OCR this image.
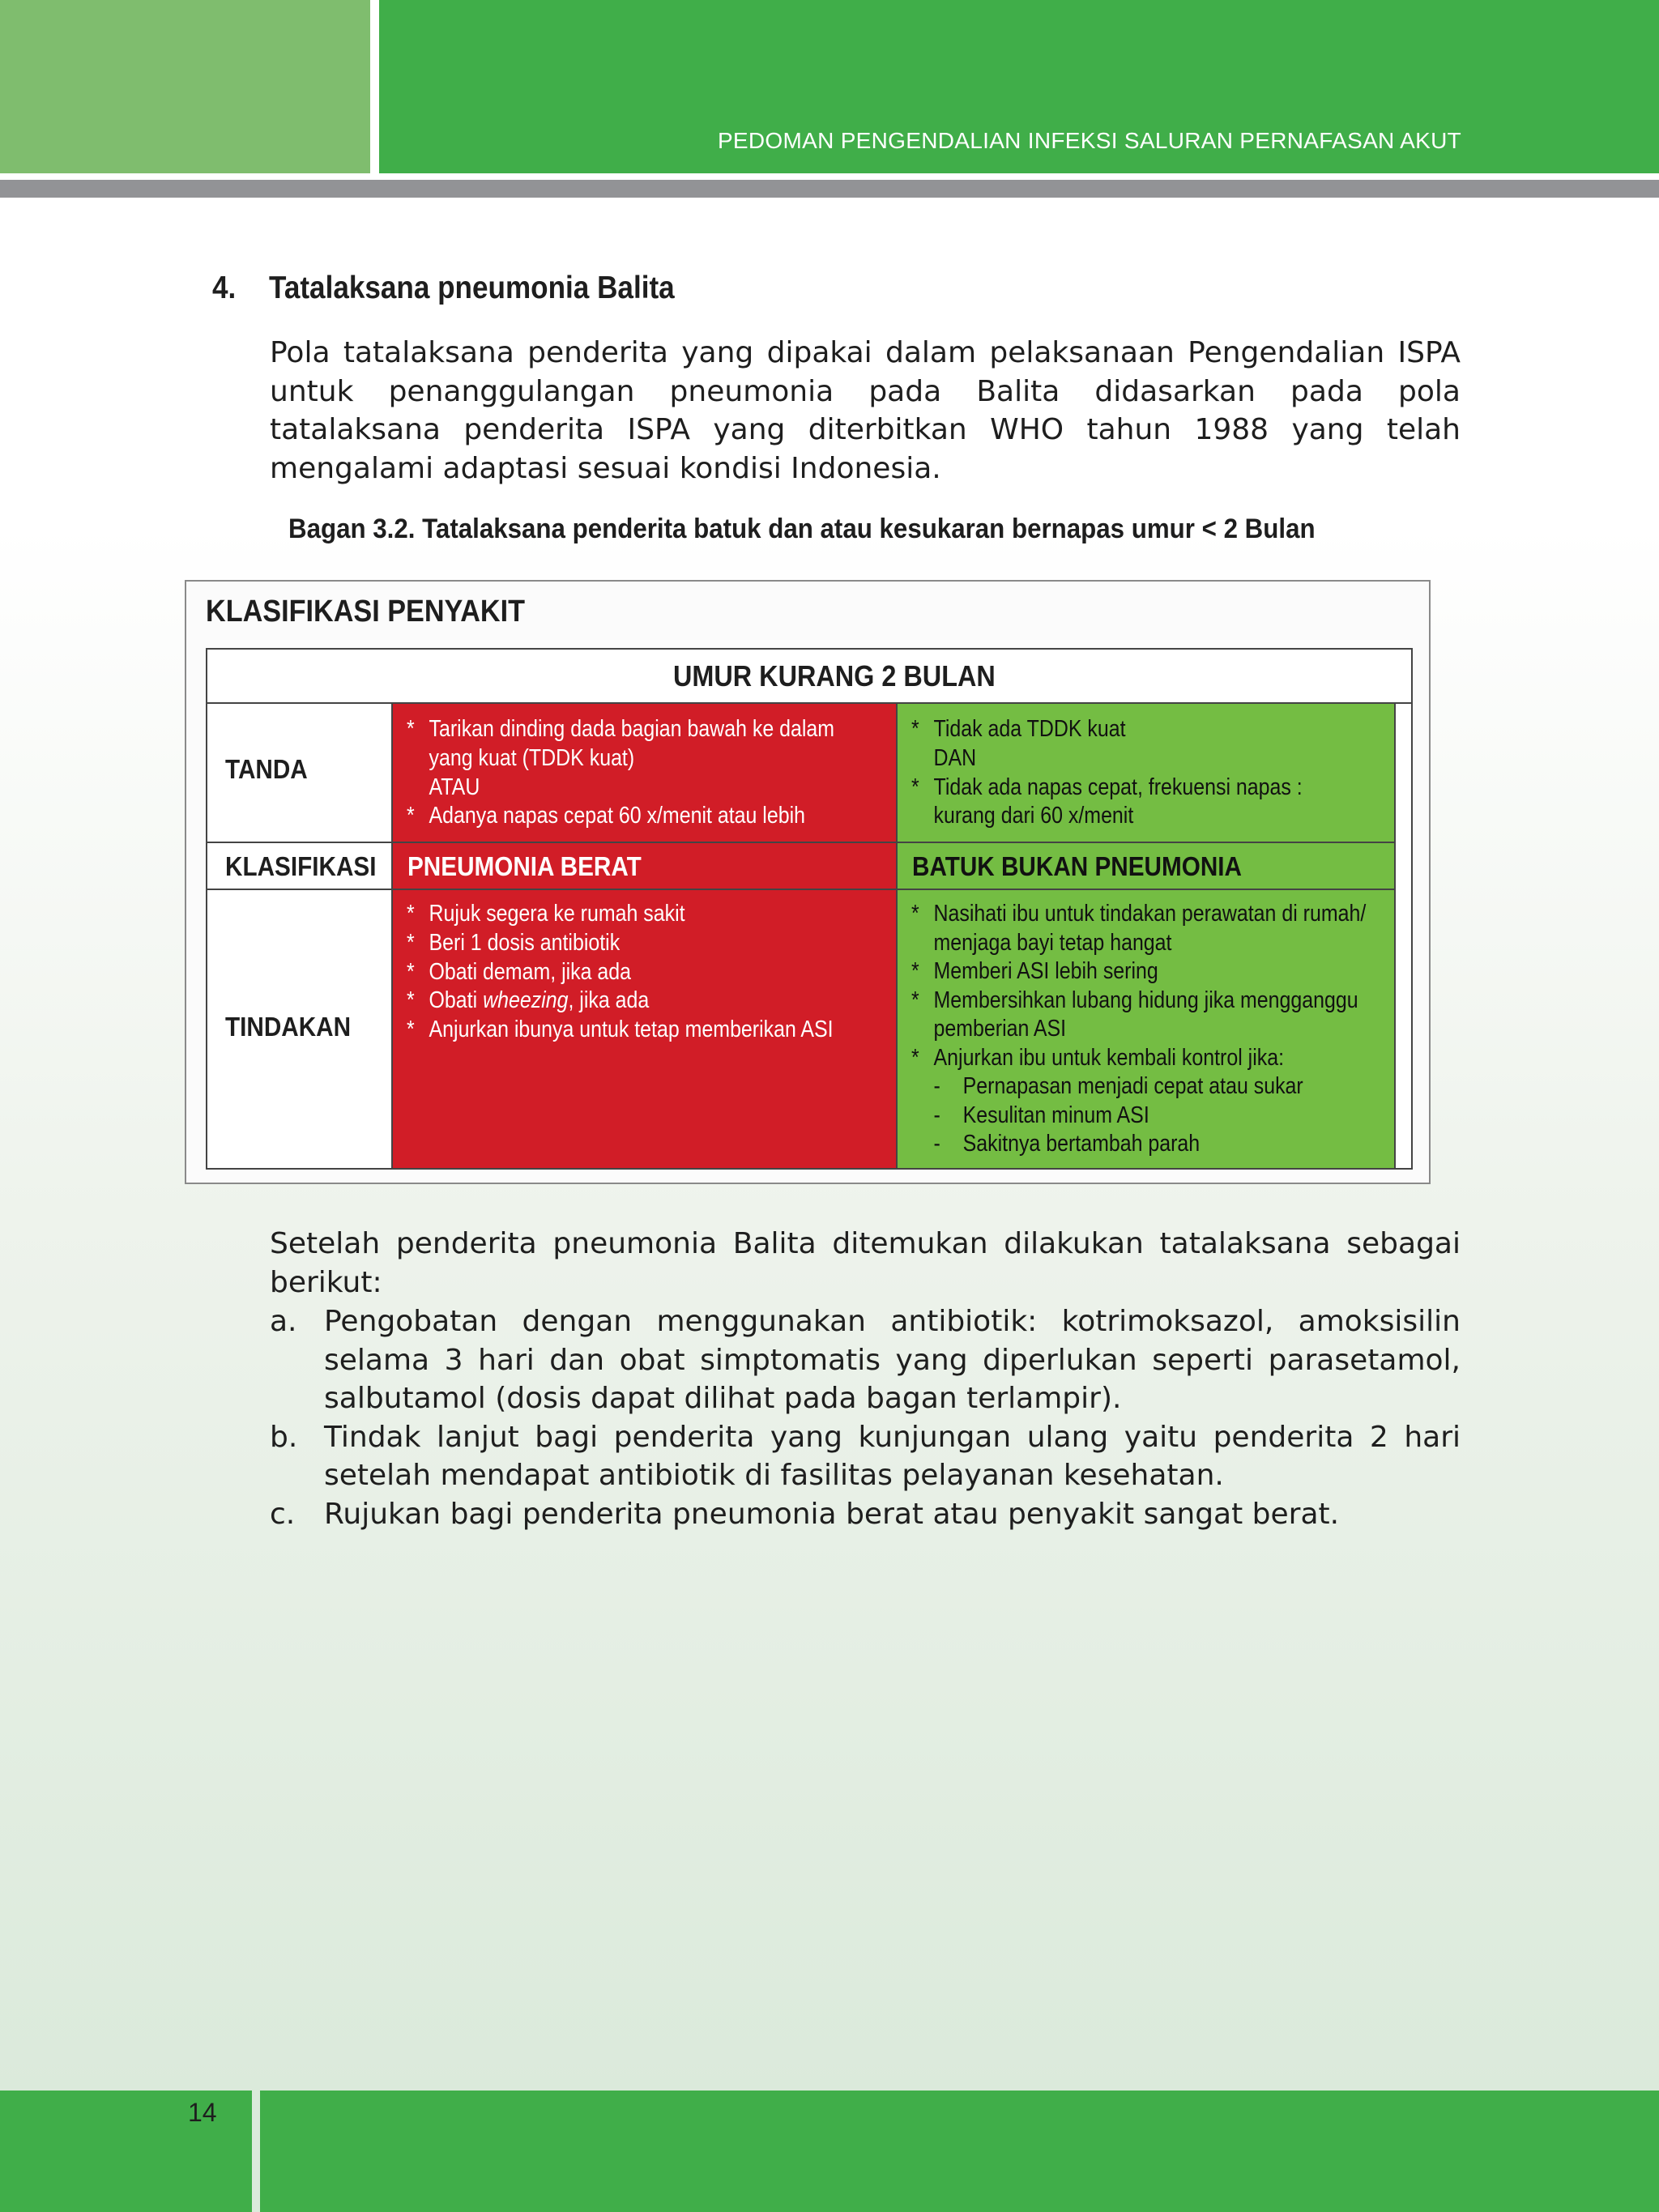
PEDOMAN PENGENDALIAN INFEKSI SALURAN PERNAFASAN AKUT
4. Tatalaksana pneumonia Balita

Pola tatalaksana penderita yang dipakai dalam pelaksanaan Pengendalian ISPA untuk penanggulangan pneumonia pada Balita didasarkan pada pola tatalaksana penderita ISPA yang diterbitkan WHO tahun 1988 yang telah mengalami adaptasi sesuai kondisi Indonesia.

Bagan 3.2. Tatalaksana penderita batuk dan atau kesukaran bernapas umur < 2 Bulan
KLASIFIKASI PENYAKIT
UMUR KURANG 2 BULAN
TANDA
KLASIFIKASI
TINDAKAN
* Tarikan dinding dada bagian bawah ke dalam
yang kuat (TDDK kuat)
ATAU
* Adanya napas cepat 60 x/menit atau lebih
PNEUMONIA BERAT
* Rujuk segera ke rumah sakit
* Beri 1 dosis antibiotik
* Obati demam, jika ada
* Obati wheezing, jika ada
* Anjurkan ibunya untuk tetap memberikan ASI
* Tidak ada TDDK kuat
DAN
* Tidak ada napas cepat, frekuensi napas :
kurang dari 60 x/menit
BATUK BUKAN PNEUMONIA
* Nasihati ibu untuk tindakan perawatan di rumah/
menjaga bayi tetap hangat
* Memberi ASI lebih sering
* Membersihkan lubang hidung jika mengganggu
pemberian ASI
* Anjurkan ibu untuk kembali kontrol jika:
- Pernapasan menjadi cepat atau sukar
- Kesulitan minum ASI
- Sakitnya bertambah parah

Setelah penderita pneumonia Balita ditemukan dilakukan tatalaksana sebagai berikut:

a. Pengobatan dengan menggunakan antibiotik: kotrimoksazol, amoksisilin selama 3 hari dan obat simptomatis yang diperlukan seperti parasetamol, salbutamol (dosis dapat dilihat pada bagan terlampir).
b. Tindak lanjut bagi penderita yang kunjungan ulang yaitu penderita 2 hari setelah mendapat antibiotik di fasilitas pelayanan kesehatan.
c. Rujukan bagi penderita pneumonia berat atau penyakit sangat berat.
14
